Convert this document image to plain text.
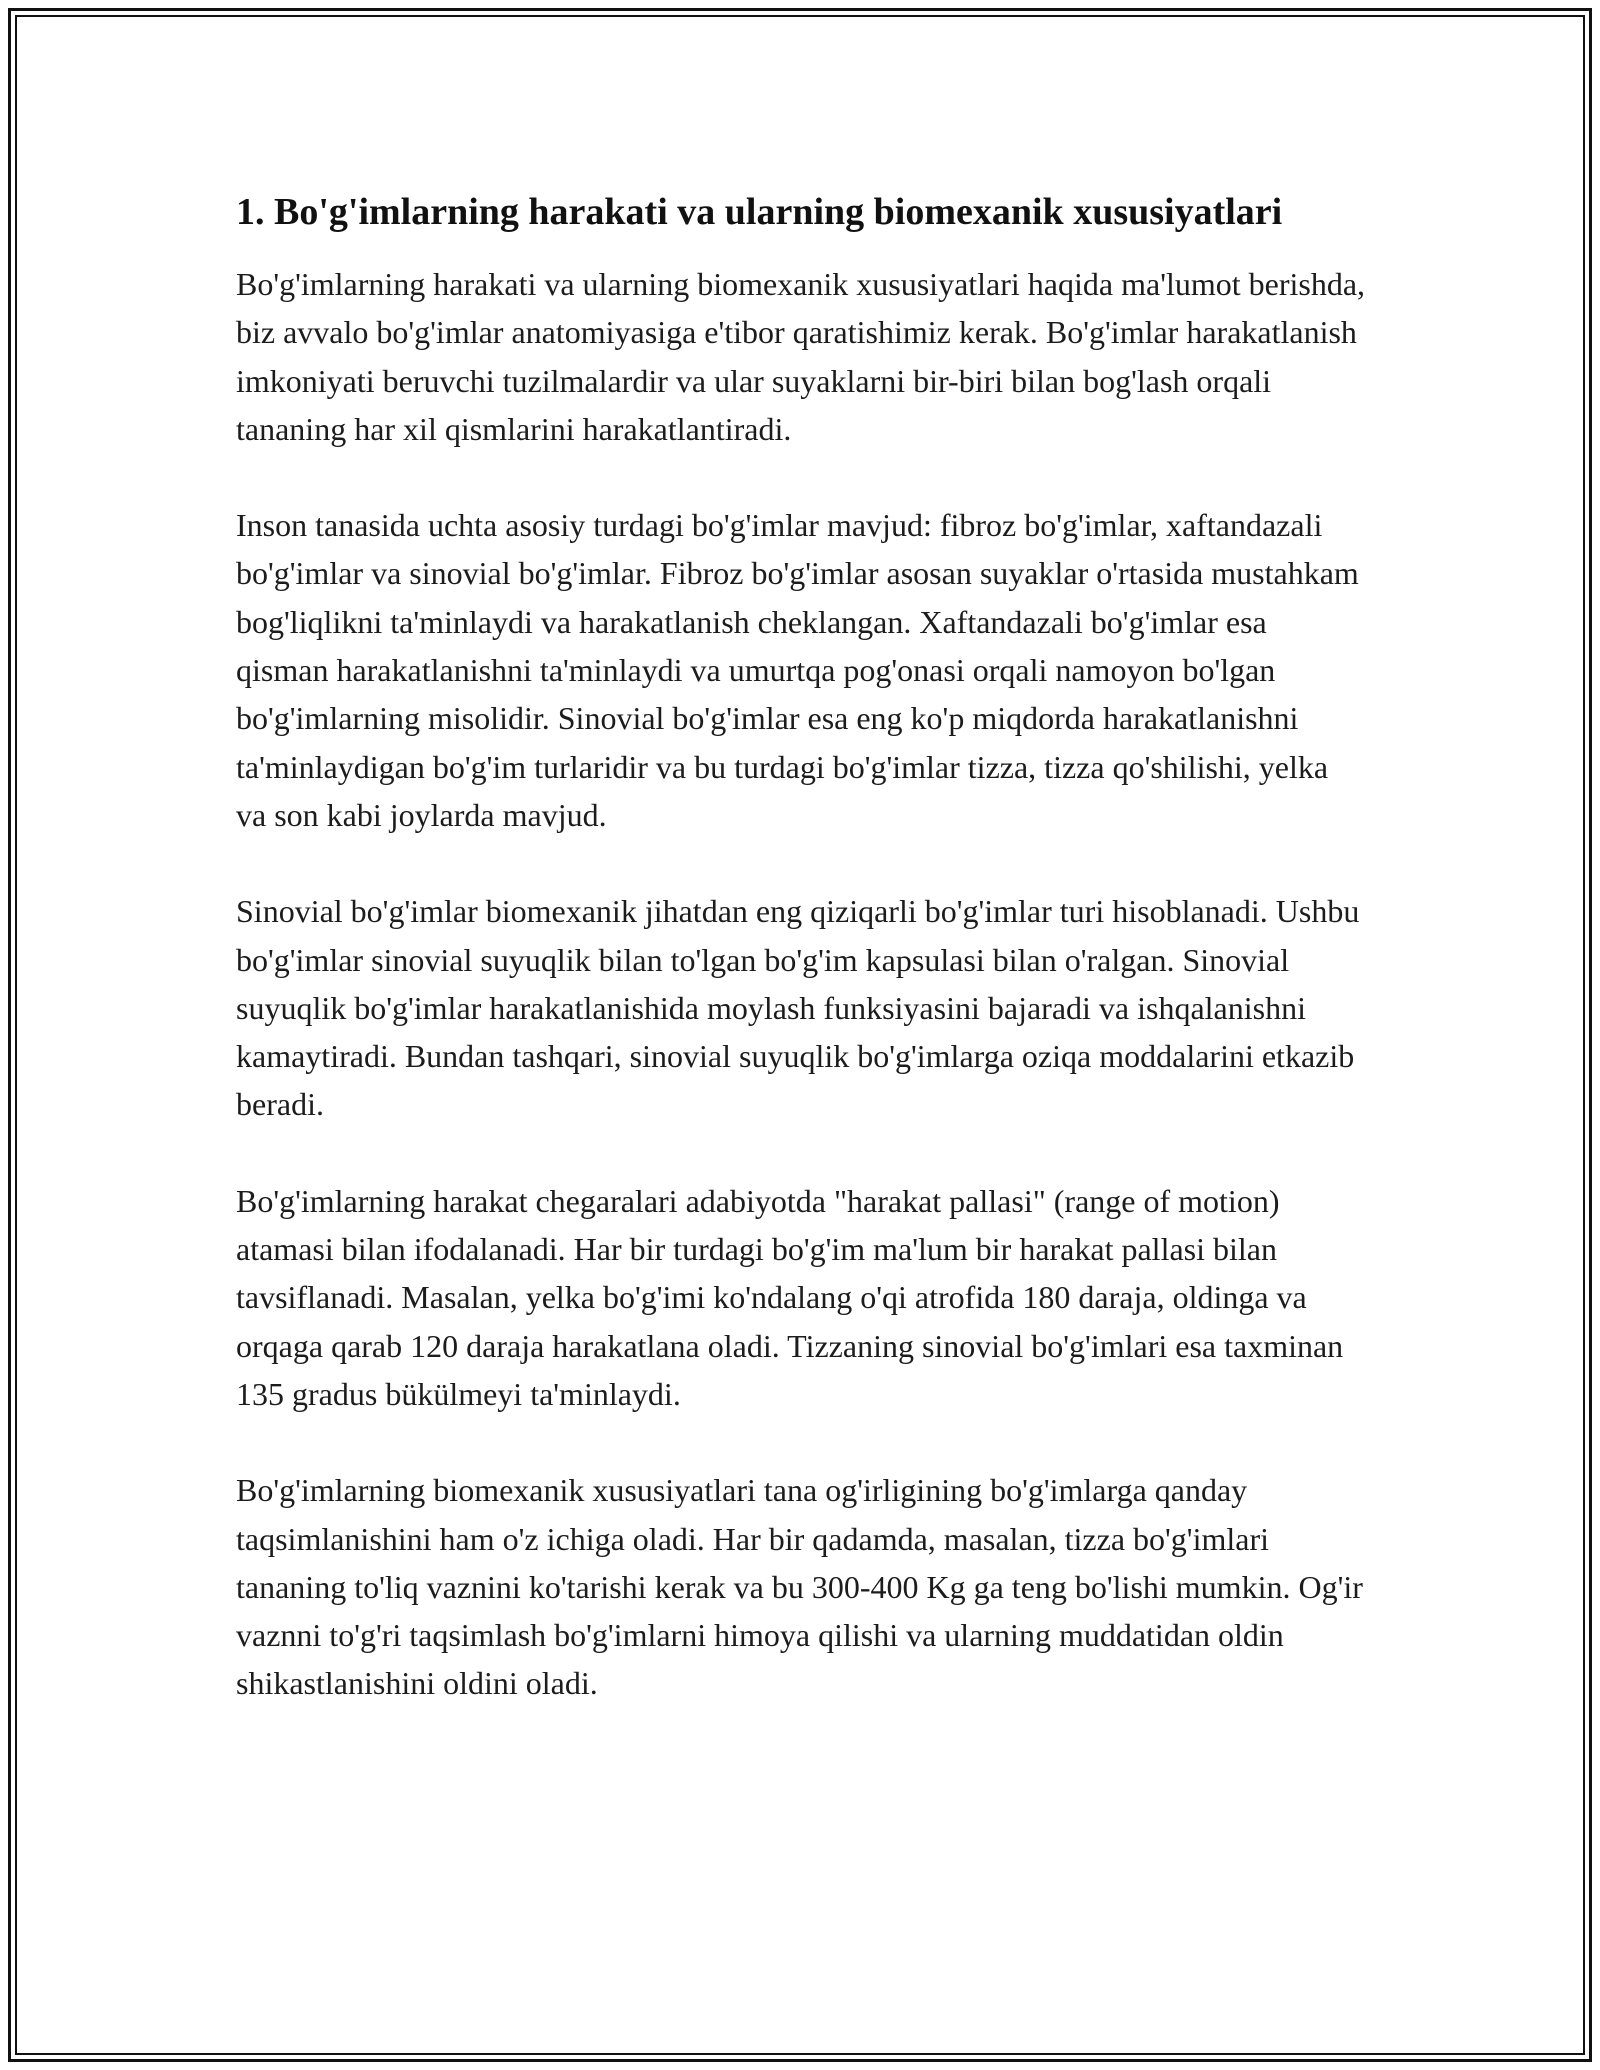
1. Bo'g'imlarning harakati va ularning biomexanik xususiyatlari

Bo'g'imlarning harakati va ularning biomexanik xususiyatlari haqida ma'lumot berishda, biz avvalo bo'g'imlar anatomiyasiga e'tibor qaratishimiz kerak. Bo'g'imlar harakatlanish imkoniyati beruvchi tuzilmalardir va ular suyaklarni bir-biri bilan bog'lash orqali tananing har xil qismlarini harakatlantiradi.

Inson tanasida uchta asosiy turdagi bo'g'imlar mavjud: fibroz bo'g'imlar, xaftandazali bo'g'imlar va sinovial bo'g'imlar. Fibroz bo'g'imlar asosan suyaklar o'rtasida mustahkam bog'liqlikni ta'minlaydi va harakatlanish cheklangan. Xaftandazali bo'g'imlar esa qisman harakatlanishni ta'minlaydi va umurtqa pog'onasi orqali namoyon bo'lgan bo'g'imlarning misolidir. Sinovial bo'g'imlar esa eng ko'p miqdorda harakatlanishni ta'minlaydigan bo'g'im turlaridir va bu turdagi bo'g'imlar tizza, tizza qo'shilishi, yelka va son kabi joylarda mavjud.

Sinovial bo'g'imlar biomexanik jihatdan eng qiziqarli bo'g'imlar turi hisoblanadi. Ushbu bo'g'imlar sinovial suyuqlik bilan to'lgan bo'g'im kapsulasi bilan o'ralgan. Sinovial suyuqlik bo'g'imlar harakatlanishida moylash funksiyasini bajaradi va ishqalanishni kamaytiradi. Bundan tashqari, sinovial suyuqlik bo'g'imlarga oziqa moddalarini etkazib beradi.

Bo'g'imlarning harakat chegaralari adabiyotda "harakat pallasi" (range of motion) atamasi bilan ifodalanadi. Har bir turdagi bo'g'im ma'lum bir harakat pallasi bilan tavsiflanadi. Masalan, yelka bo'g'imi ko'ndalang o'qi atrofida 180 daraja, oldinga va orqaga qarab 120 daraja harakatlana oladi. Tizzaning sinovial bo'g'imlari esa taxminan 135 gradus bükülmeyi ta'minlaydi.

Bo'g'imlarning biomexanik xususiyatlari tana og'irligining bo'g'imlarga qanday taqsimlanishini ham o'z ichiga oladi. Har bir qadamda, masalan, tizza bo'g'imlari tananing to'liq vaznini ko'tarishi kerak va bu 300-400 Kg ga teng bo'lishi mumkin. Og'ir vaznni to'g'ri taqsimlash bo'g'imlarni himoya qilishi va ularning muddatidan oldin shikastlanishini oldini oladi.
